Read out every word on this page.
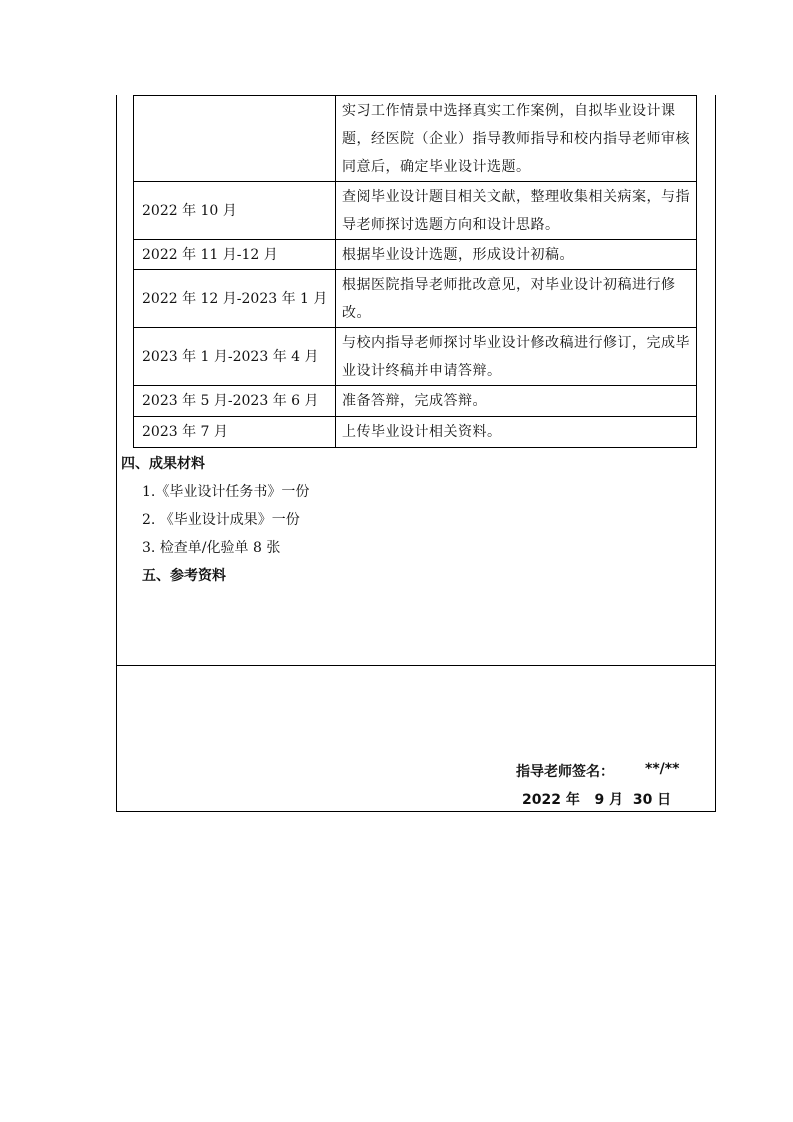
	实习工作情景中选择真实工作案例，自拟毕业设计课题，经医院（企业）指导教师指导和校内指导老师审核同意后，确定毕业设计选题。
2022 年 10 月	查阅毕业设计题目相关文献，整理收集相关病案，与指导老师探讨选题方向和设计思路。
2022 年 11 月-12 月	根据毕业设计选题，形成设计初稿。
2022 年 12 月-2023 年 1 月	根据医院指导老师批改意见，对毕业设计初稿进行修改。
2023 年 1 月-2023 年 4 月	与校内指导老师探讨毕业设计修改稿进行修订，完成毕业设计终稿并申请答辩。
2023 年 5 月-2023 年 6 月	准备答辩，完成答辩。
2023 年 7 月	上传毕业设计相关资料。
四、成果材料
1.《毕业设计任务书》一份
2. 《毕业设计成果》一份
3. 检查单/化验单 8 张
五、参考资料
指导老师签名： **/**
2022 年   9 月  30 日
